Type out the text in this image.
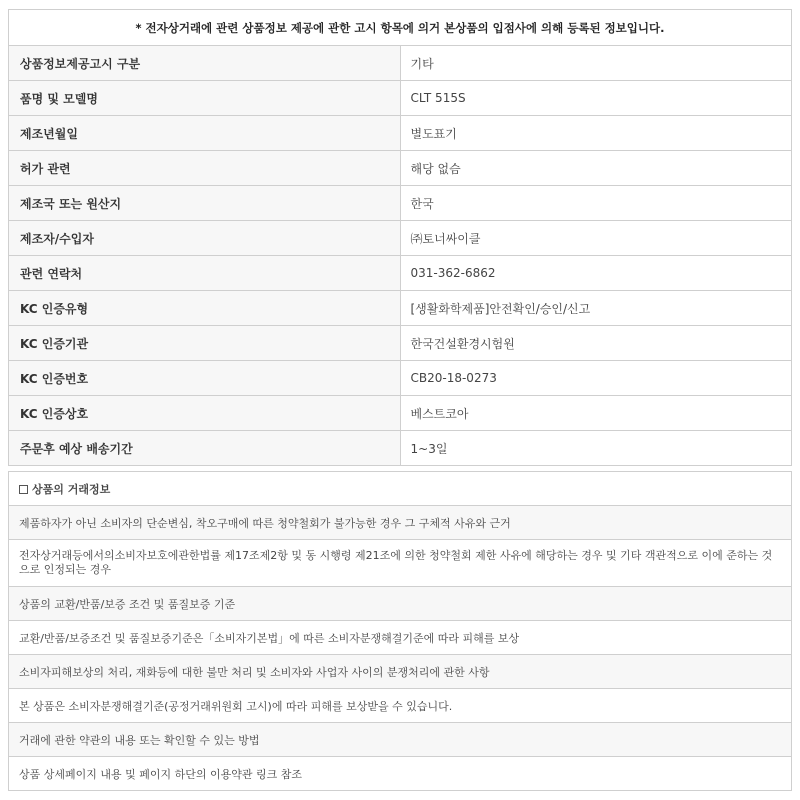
* 전자상거래에 관련 상품정보 제공에 관한 고시 항목에 의거 본상품의 입점사에 의해 등록된 정보입니다.	
상품정보제공고시 구분	기타
품명 및 모델명	CLT 515S
제조년월일	별도표기
허가 관련	해당 없슴
제조국 또는 원산지	한국
제조자/수입자	㈜토너싸이클
관련 연락처	031-362-6862
KC 인증유형	[생활화학제품]안전확인/승인/신고
KC 인증기관	한국건설환경시험원
KC 인증번호	CB20-18-0273
KC 인증상호	베스트코아
주문후 예상 배송기간	1~3일
상품의 거래정보
제품하자가 아닌 소비자의 단순변심, 착오구매에 따른 청약철회가 불가능한 경우 그 구체적 사유와 근거
전자상거래등에서의소비자보호에관한법률 제17조제2항 및 동 시행령 제21조에 의한 청약철회 제한 사유에 해당하는 경우 및 기타 객관적으로 이에 준하는 것으로 인정되는 경우
상품의 교환/반품/보증 조건 및 품질보증 기준
교환/반품/보증조건 및 품질보증기준은「소비자기본법」에 따른 소비자분쟁해결기준에 따라 피해를 보상
소비자피해보상의 처리, 재화등에 대한 불만 처리 및 소비자와 사업자 사이의 분쟁처리에 관한 사항
본 상품은 소비자분쟁해결기준(공정거래위원회 고시)에 따라 피해를 보상받을 수 있습니다.
거래에 관한 약관의 내용 또는 확인할 수 있는 방법
상품 상세페이지 내용 및 페이지 하단의 이용약관 링크 참조
